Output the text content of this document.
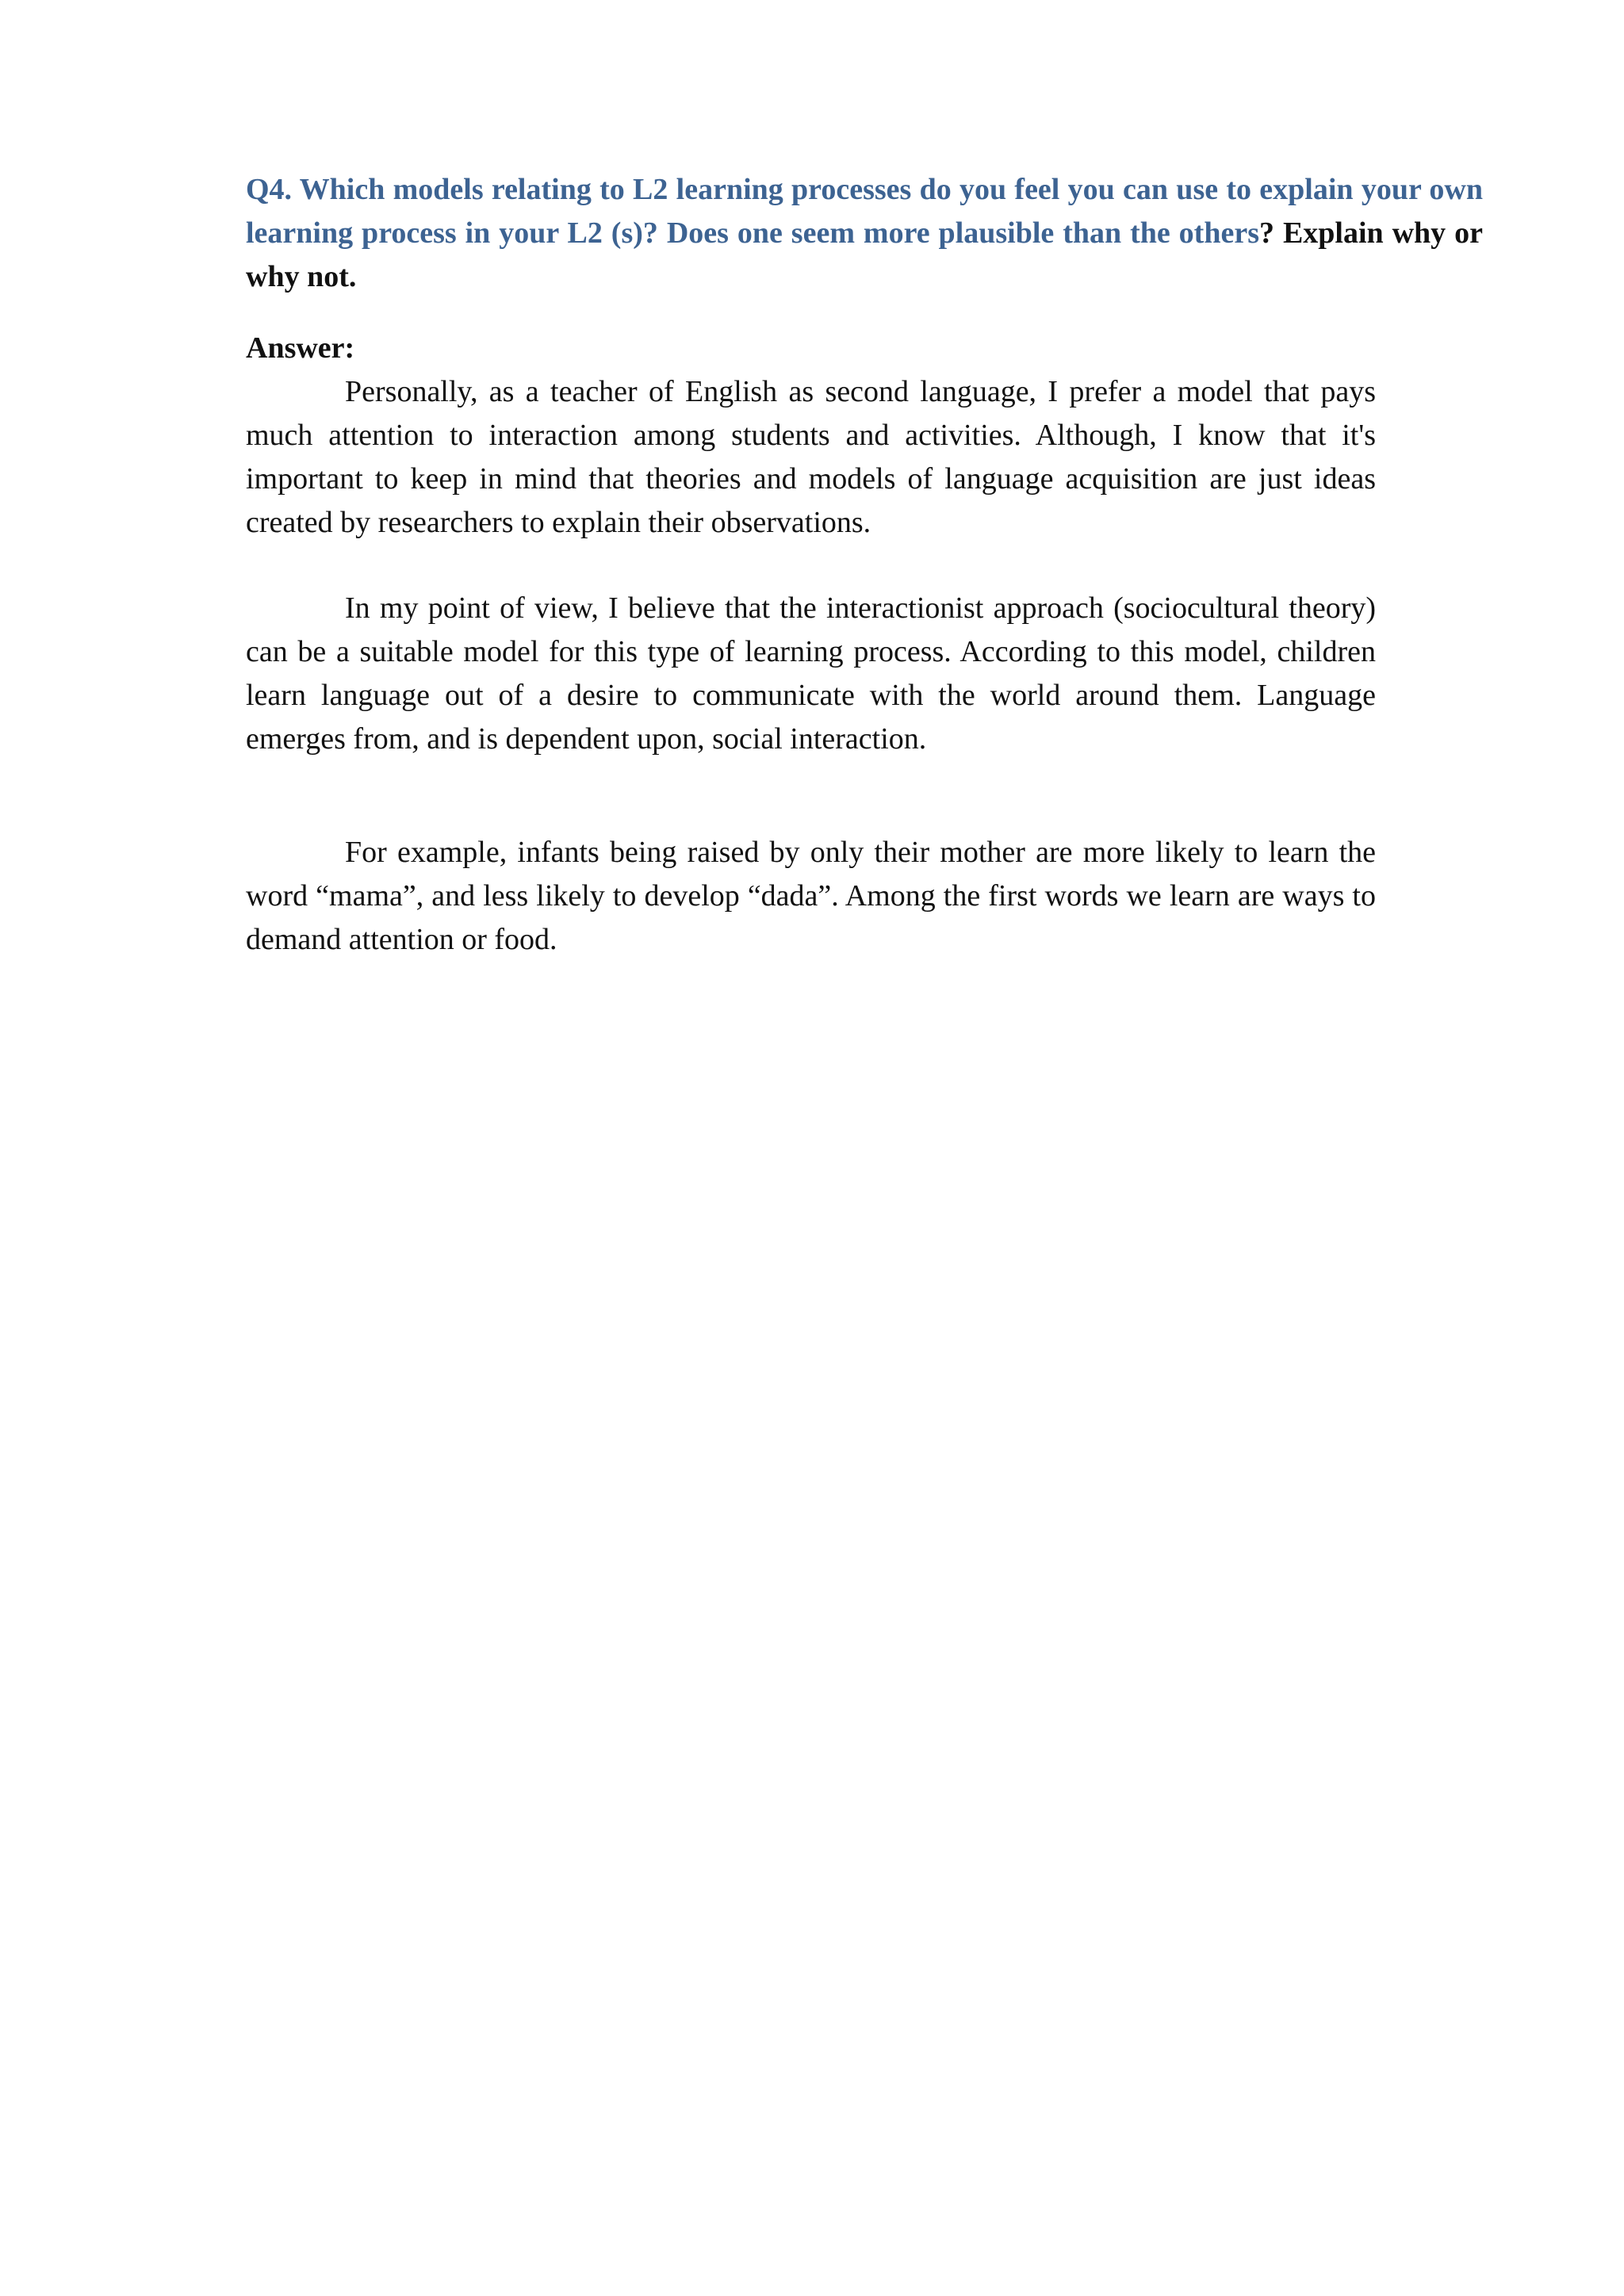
Q4. Which models relating to L2 learning processes do you feel you can use to explain your own learning process in your L2 (s)? Does one seem more plausible than the others? Explain why or why not.

Answer:

Personally, as a teacher of English as second language, I prefer a model that pays much attention to interaction among students and activities. Although, I know that it's important to keep in mind that theories and models of language acquisition are just ideas created by researchers to explain their observations.

In my point of view, I believe that the interactionist approach (sociocultural theory) can be a suitable model for this type of learning process. According to this model, children learn language out of a desire to communicate with the world around them. Language emerges from, and is dependent upon, social interaction.

For example, infants being raised by only their mother are more likely to learn the word “mama”, and less likely to develop “dada”. Among the first words we learn are ways to demand attention or food.
